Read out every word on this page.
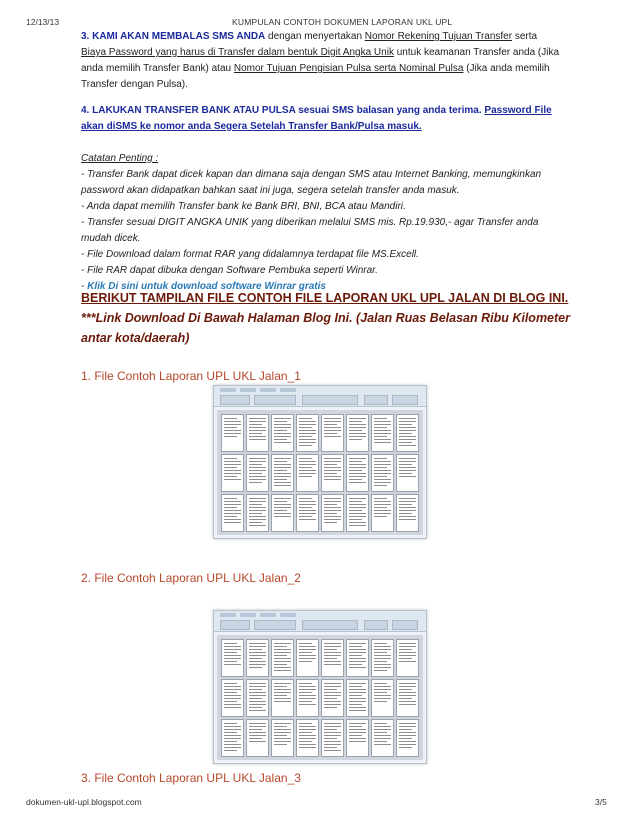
12/13/13	KUMPULAN CONTOH DOKUMEN LAPORAN UKL UPL

3. KAMI AKAN MEMBALAS SMS ANDA dengan menyertakan Nomor Rekening Tujuan Transfer serta Biaya Password yang harus di Transfer dalam bentuk Digit Angka Unik untuk keamanan Transfer anda (Jika anda memilih Transfer Bank) atau Nomor Tujuan Pengisian Pulsa serta Nominal Pulsa (Jika anda memilih Transfer dengan Pulsa).

4. LAKUKAN TRANSFER BANK ATAU PULSA sesuai SMS balasan yang anda terima. Password File akan diSMS ke nomor anda Segera Setelah Transfer Bank/Pulsa masuk.

Catatan Penting :
- Transfer Bank dapat dicek kapan dan dimana saja dengan SMS atau Internet Banking, memungkinkan password akan didapatkan bahkan saat ini juga, segera setelah transfer anda masuk.
- Anda dapat memilih Transfer bank ke Bank BRI, BNI, BCA atau Mandiri.
- Transfer sesuai DIGIT ANGKA UNIK yang diberikan melalui SMS mis. Rp.19.930,- agar Transfer anda mudah dicek.
- File Download dalam format RAR yang didalamnya terdapat file MS.Excell.
- File RAR dapat dibuka dengan Software Pembuka seperti Winrar.
- Klik Di sini untuk download software Winrar gratis
BERIKUT TAMPILAN FILE CONTOH FILE LAPORAN UKL UPL JALAN DI BLOG INI.
***Link Download Di Bawah Halaman Blog Ini. (Jalan Ruas Belasan Ribu Kilometer antar kota/daerah)
1. File Contoh Laporan UPL UKL Jalan_1
2. File Contoh Laporan UPL UKL Jalan_2
3. File Contoh Laporan UPL UKL Jalan_3
dokumen-ukl-upl.blogspot.com	3/5
